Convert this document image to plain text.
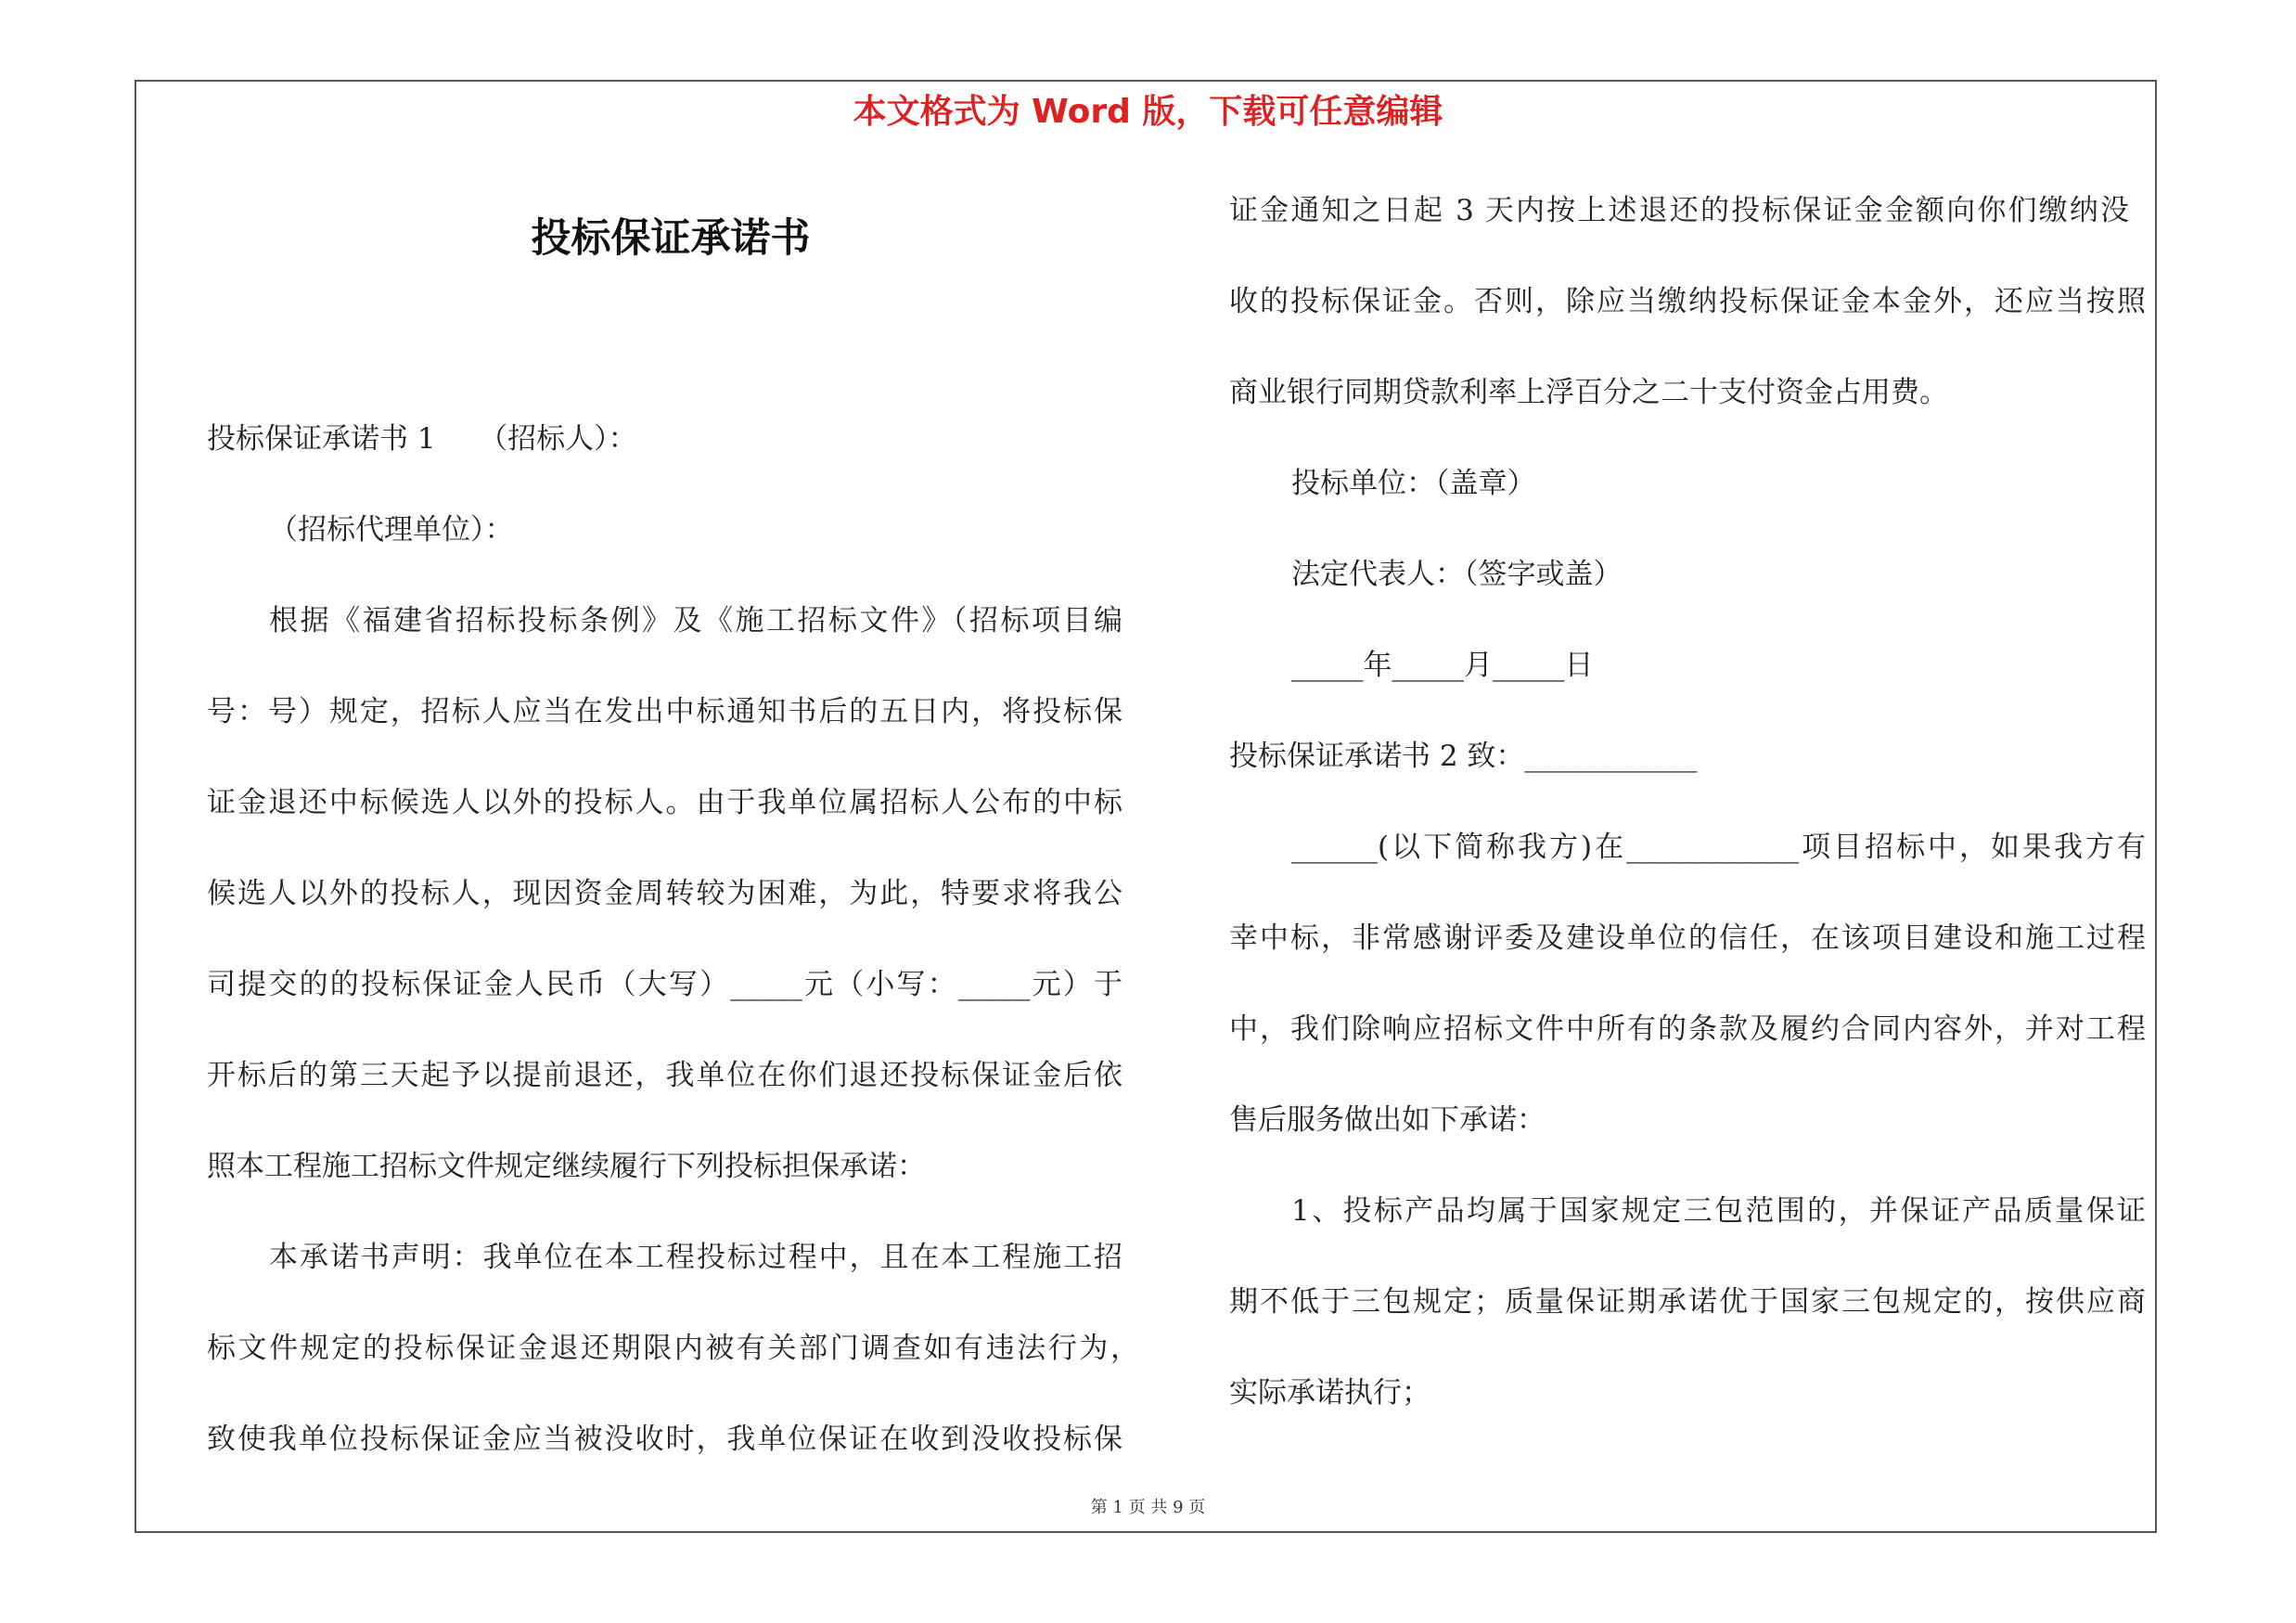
本文格式为 Word 版，下载可任意编辑
投标保证承诺书
投标保证承诺书 1　　（招标人）：
（招标代理单位）：
根据《福建省招标投标条例》及《施工招标文件》（招标项目编
号：号）规定，招标人应当在发出中标通知书后的五日内，将投标保
证金退还中标候选人以外的投标人。由于我单位属招标人公布的中标
候选人以外的投标人，现因资金周转较为困难，为此，特要求将我公
司提交的的投标保证金人民币（大写）_____元（小写：_____元）于
开标后的第三天起予以提前退还，我单位在你们退还投标保证金后依
照本工程施工招标文件规定继续履行下列投标担保承诺：
本承诺书声明：我单位在本工程投标过程中，且在本工程施工招
标文件规定的投标保证金退还期限内被有关部门调查如有违法行为，
致使我单位投标保证金应当被没收时，我单位保证在收到没收投标保
证金通知之日起 3 天内按上述退还的投标保证金金额向你们缴纳没
收的投标保证金。否则，除应当缴纳投标保证金本金外，还应当按照
商业银行同期贷款利率上浮百分之二十支付资金占用费。
投标单位：（盖章）
法定代表人：（签字或盖）
_____年_____月_____日
投标保证承诺书 2 致：____________
______(以下简称我方)在____________项目招标中，如果我方有
幸中标，非常感谢评委及建设单位的信任，在该项目建设和施工过程
中，我们除响应招标文件中所有的条款及履约合同内容外，并对工程
售后服务做出如下承诺：
1、投标产品均属于国家规定三包范围的，并保证产品质量保证
期不低于三包规定；质量保证期承诺优于国家三包规定的，按供应商
实际承诺执行；
第 1 页 共 9 页
